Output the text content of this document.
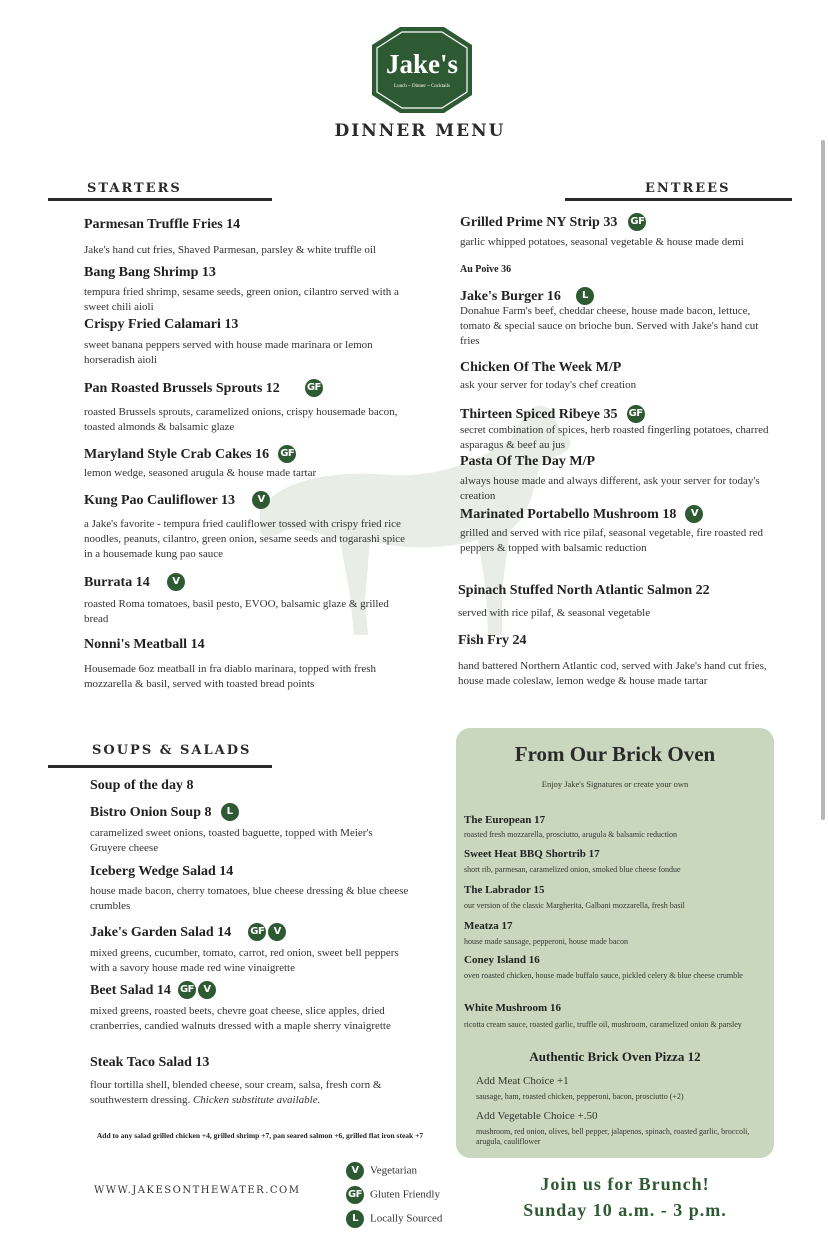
Jake's
Lunch ~ Dinner ~ Cocktails
DINNER MENU
STARTERS
Parmesan Truffle Fries 14
Jake's hand cut fries, Shaved Parmesan, parsley & white truffle oil
Bang Bang Shrimp 13
tempura fried shrimp, sesame seeds, green onion, cilantro served with a sweet chili aioli
Crispy Fried Calamari 13
sweet banana peppers served with house made marinara or lemon horseradish aioli
Pan Roasted Brussels Sprouts 12	GF
roasted Brussels sprouts, caramelized onions, crispy housemade bacon, toasted almonds & balsamic glaze
Maryland Style Crab Cakes 16 GF
lemon wedge, seasoned arugula & house made tartar
Kung Pao Cauliflower 13 V
a Jake's favorite - tempura fried cauliflower tossed with crispy fried rice noodles, peanuts, cilantro, green onion, sesame seeds and togarashi spice in a housemade kung pao sauce
Burrata 14 V
roasted Roma tomatoes, basil pesto, EVOO, balsamic glaze & grilled bread
Nonni's Meatball 14
Housemade 6oz meatball in fra diablo marinara, topped with fresh mozzarella & basil, served with toasted bread points
ENTREES
Grilled Prime NY Strip 33 GF
garlic whipped potatoes, seasonal vegetable & house made demi
Au Poive 36
Jake's Burger 16 L
Donahue Farm's beef, cheddar cheese, house made bacon, lettuce, tomato & special sauce on brioche bun. Served with Jake's hand cut fries
Chicken Of The Week M/P
ask your server for today's chef creation
Thirteen Spiced Ribeye 35 GF
secret combination of spices, herb roasted fingerling potatoes, charred asparagus & beef au jus
Pasta Of The Day M/P
always house made and always different, ask your server for today's creation
Marinated Portabello Mushroom 18 V
grilled and served with rice pilaf, seasonal vegetable, fire roasted red peppers & topped with balsamic reduction
Spinach Stuffed North Atlantic Salmon 22
served with rice pilaf, & seasonal vegetable
Fish Fry 24
hand battered Northern Atlantic cod, served with Jake's hand cut fries, house made coleslaw, lemon wedge & house made tartar
SOUPS & SALADS
Soup of the day 8
Bistro Onion Soup 8 L
caramelized sweet onions, toasted baguette, topped with Meier's Gruyere cheese
Iceberg Wedge Salad 14
house made bacon, cherry tomatoes, blue cheese dressing & blue cheese crumbles
Jake's Garden Salad 14 GF V
mixed greens, cucumber, tomato, carrot, red onion, sweet bell peppers with a savory house made red wine vinaigrette
Beet Salad 14 GF V
mixed greens, roasted beets, chevre goat cheese, slice apples, dried cranberries, candied walnuts dressed with a maple sherry vinaigrette
Steak Taco Salad 13
flour tortilla shell, blended cheese, sour cream, salsa, fresh corn & southwestern dressing. Chicken substitute available.
Add to any salad grilled chicken +4, grilled shrimp +7, pan seared salmon +6, grilled flat iron steak +7
From Our Brick Oven
Enjoy Jake's Signatures or create your own
The European 17
roasted fresh mozzarella, prosciutto, arugula & balsamic reduction
Sweet Heat BBQ Shortrib 17
short rib, parmesan, caramelized onion, smoked blue cheese fondue
The Labrador 15
our version of the classic Margherita, Galbani mozzarella, fresh basil
Meatza 17
house made sausage, pepperoni, house made bacon
Coney Island 16
oven roasted chicken, house made buffalo sauce, pickled celery & blue cheese crumble
White Mushroom 16
ricotta cream sauce, roasted garlic, truffle oil, mushroom, caramelized onion & parsley
Authentic Brick Oven Pizza 12
Add Meat Choice +1
sausage, ham, roasted chicken, pepperoni, bacon, prosciutto (+2)
Add Vegetable Choice +.50
mushroom, red onion, olives, bell pepper, jalapenos, spinach, roasted garlic, broccoli, arugula, cauliflower
WWW.JAKESONTHEWATER.COM
V Vegetarian
GF Gluten Friendly
L Locally Sourced
Join us for Brunch!
Sunday 10 a.m. - 3 p.m.
